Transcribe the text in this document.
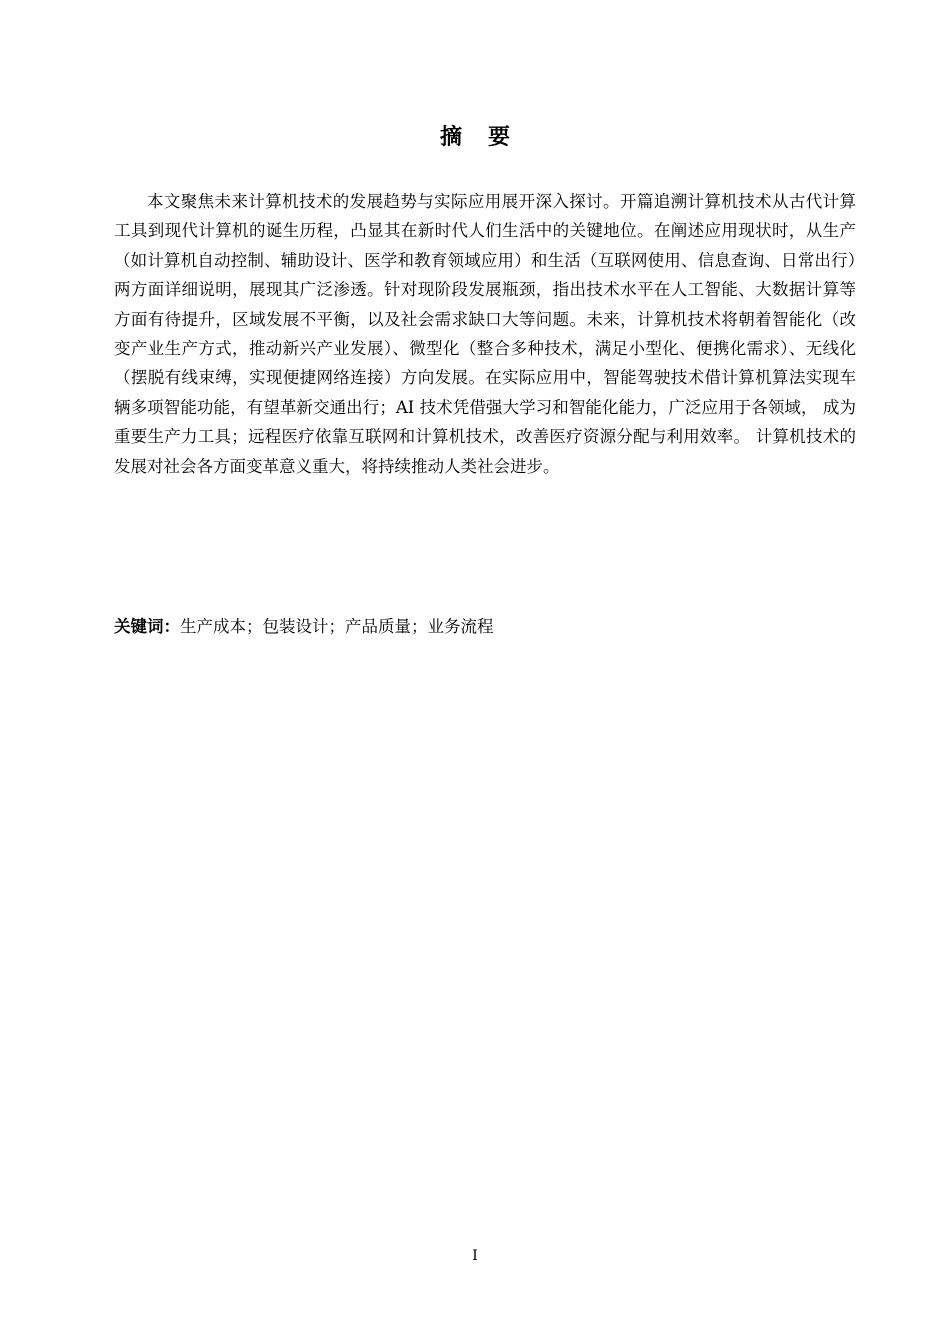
摘要

本文聚焦未来计算机技术的发展趋势与实际应用展开深入探讨。开篇追溯计算机技术从古代计算工具到现代计算机的诞生历程，凸显其在新时代人们生活中的关键地位。在阐述应用现状时，从生产（如计算机自动控制、辅助设计、医学和教育领域应用）和生活（互联网使用、信息查询、日常出行）两方面详细说明，展现其广泛渗透。针对现阶段发展瓶颈，指出技术水平在人工智能、大数据计算等方面有待提升，区域发展不平衡，以及社会需求缺口大等问题。未来，计算机技术将朝着智能化（改变产业生产方式，推动新兴产业发展）、微型化（整合多种技术，满足小型化、便携化需求）、无线化（摆脱有线束缚，实现便捷网络连接）方向发展。在实际应用中，智能驾驶技术借计算机算法实现车辆多项智能功能，有望革新交通出行；AI 技术凭借强大学习和智能化能力，广泛应用于各领域， 成为重要生产力工具；远程医疗依靠互联网和计算机技术，改善医疗资源分配与利用效率。 计算机技术的发展对社会各方面变革意义重大，将持续推动人类社会进步。

关键词：生产成本；包装设计；产品质量；业务流程

I
